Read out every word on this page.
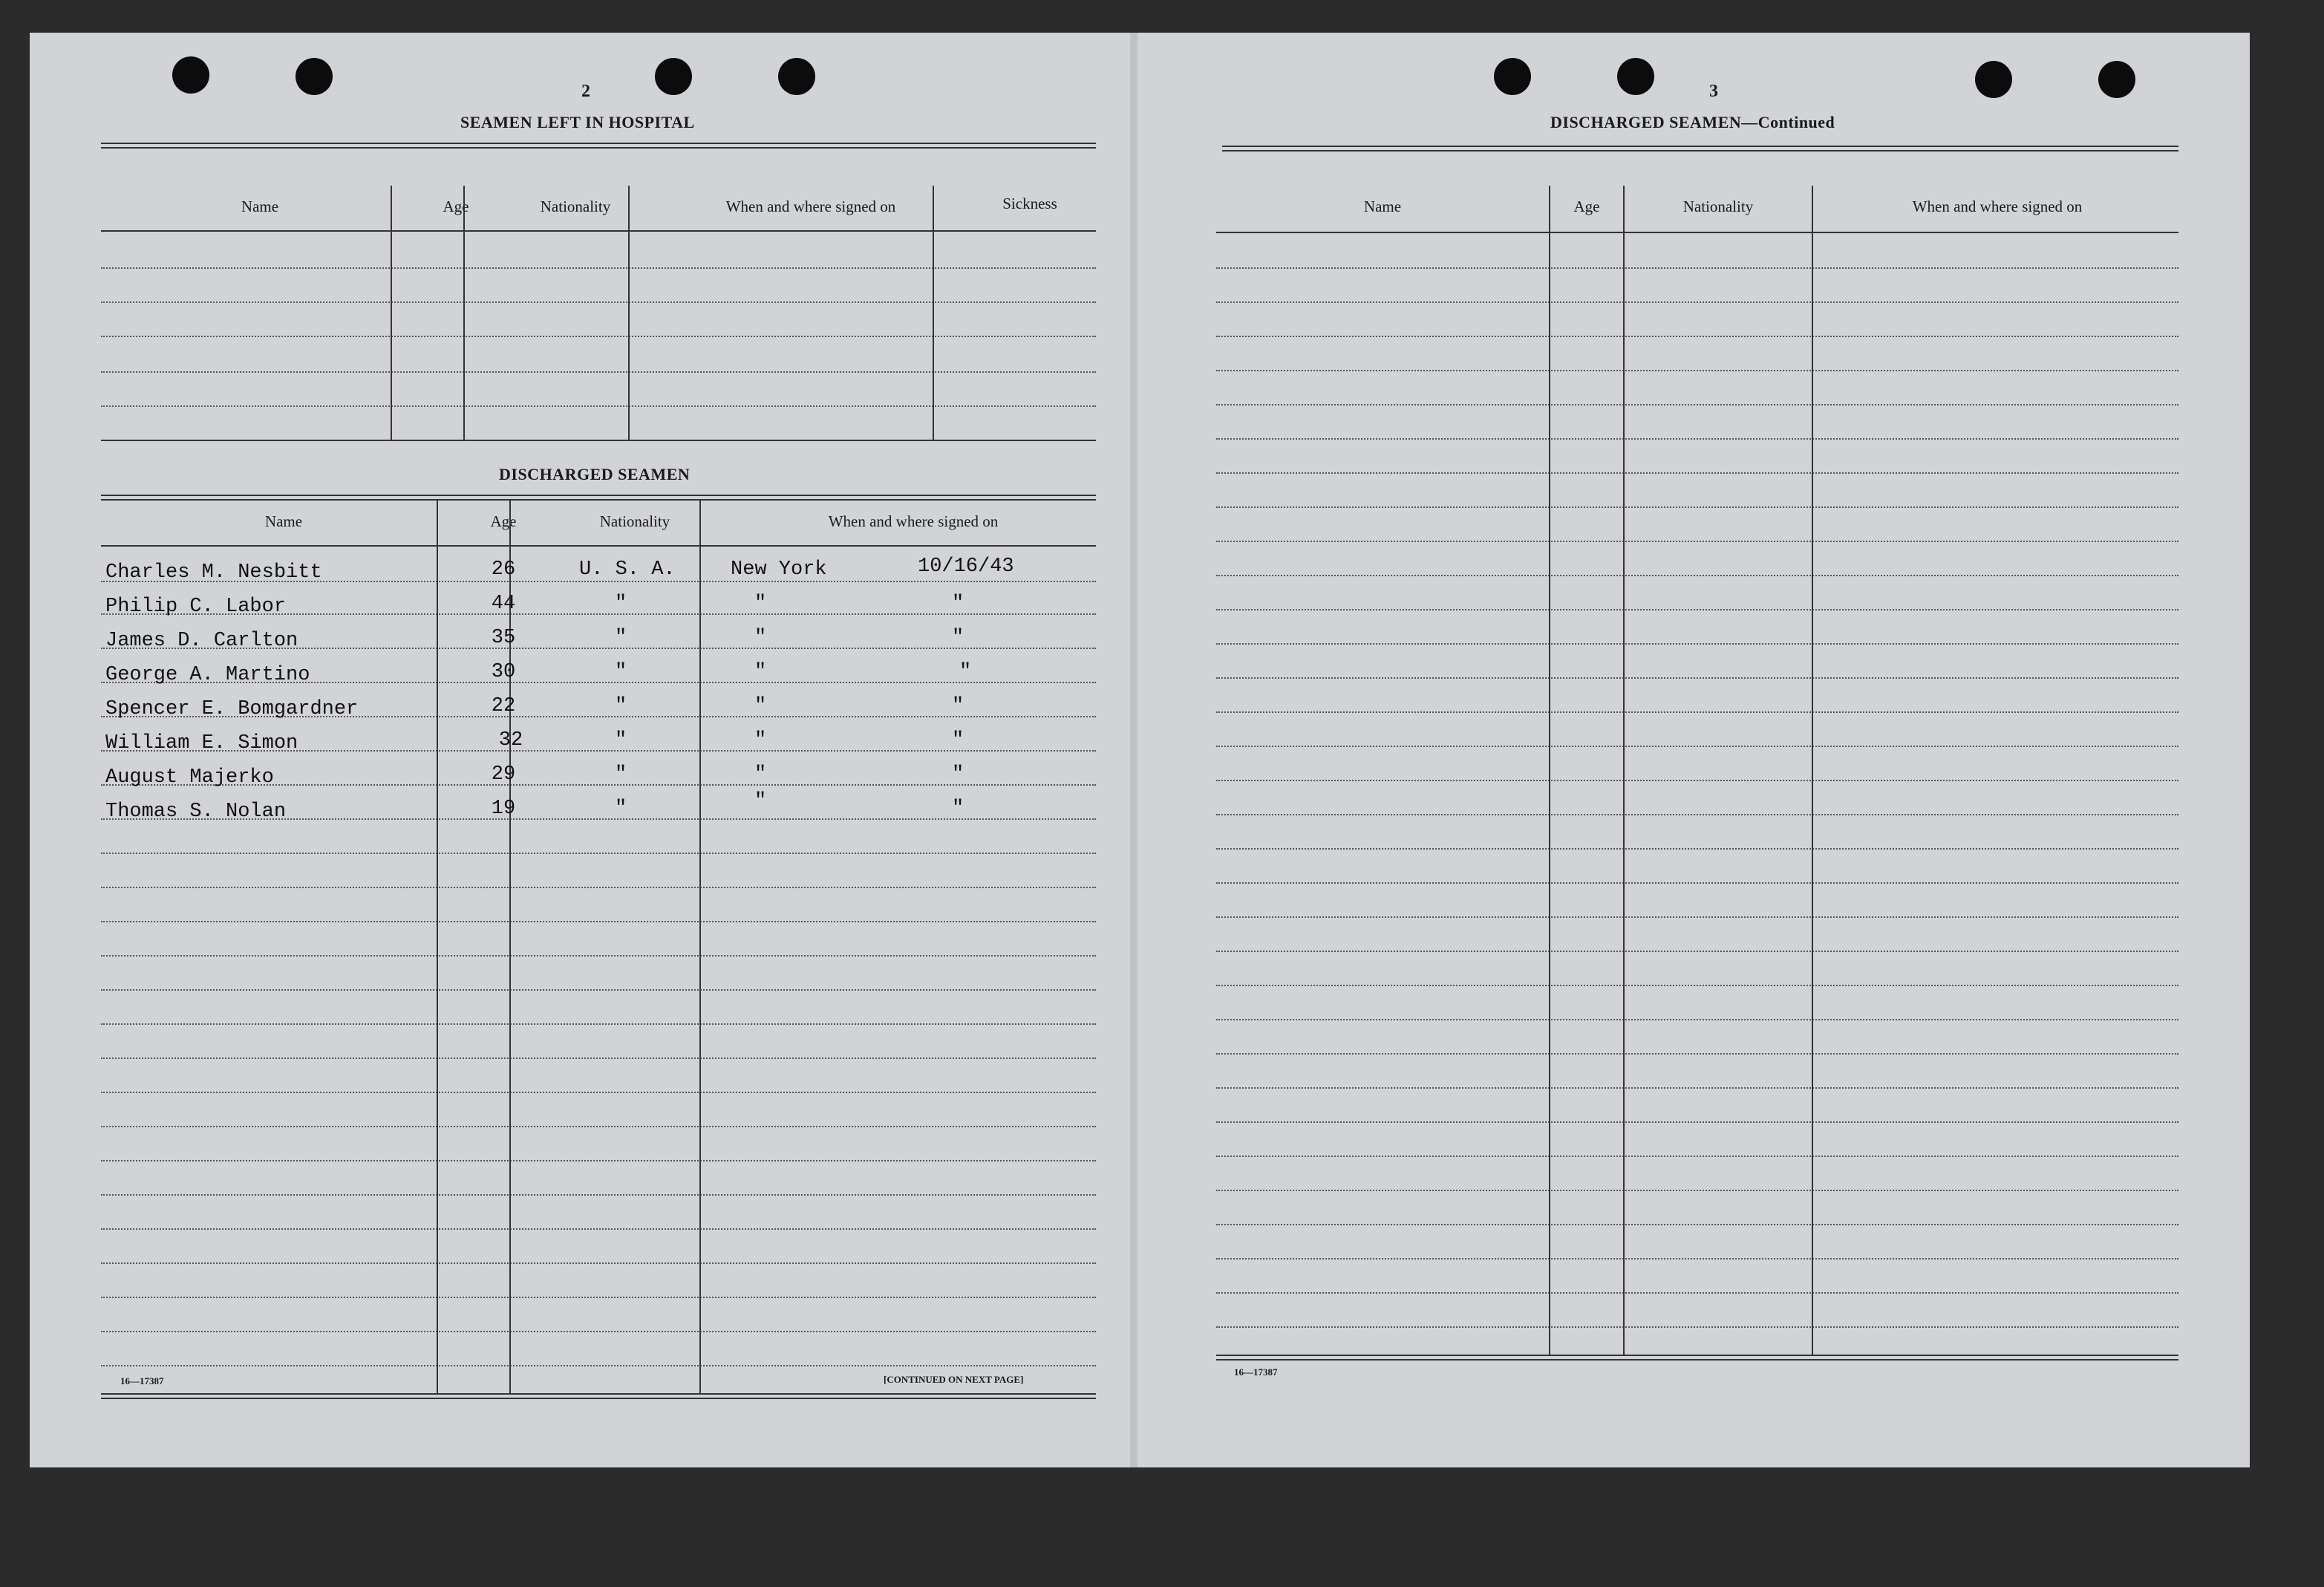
2
SEAMEN LEFT IN HOSPITAL
Name	Age	Nationality	When and where signed on	Sickness
DISCHARGED SEAMEN
Name	Age	Nationality	When and where signed on
Charles M. Nesbitt	26	U. S. A.	New York	10/16/43
Philip C. Labor	44	"	"	"
James D. Carlton	35	"	"	"
George A. Martino	30	"	"	"
Spencer E. Bomgardner	22	"	"	"
William E. Simon	32	"	"	"
August Majerko	29	"	"	"
Thomas S. Nolan	19	"	"	"
16—17387	[CONTINUED ON NEXT PAGE]
3
DISCHARGED SEAMEN—Continued
Name	Age	Nationality	When and where signed on
16—17387
